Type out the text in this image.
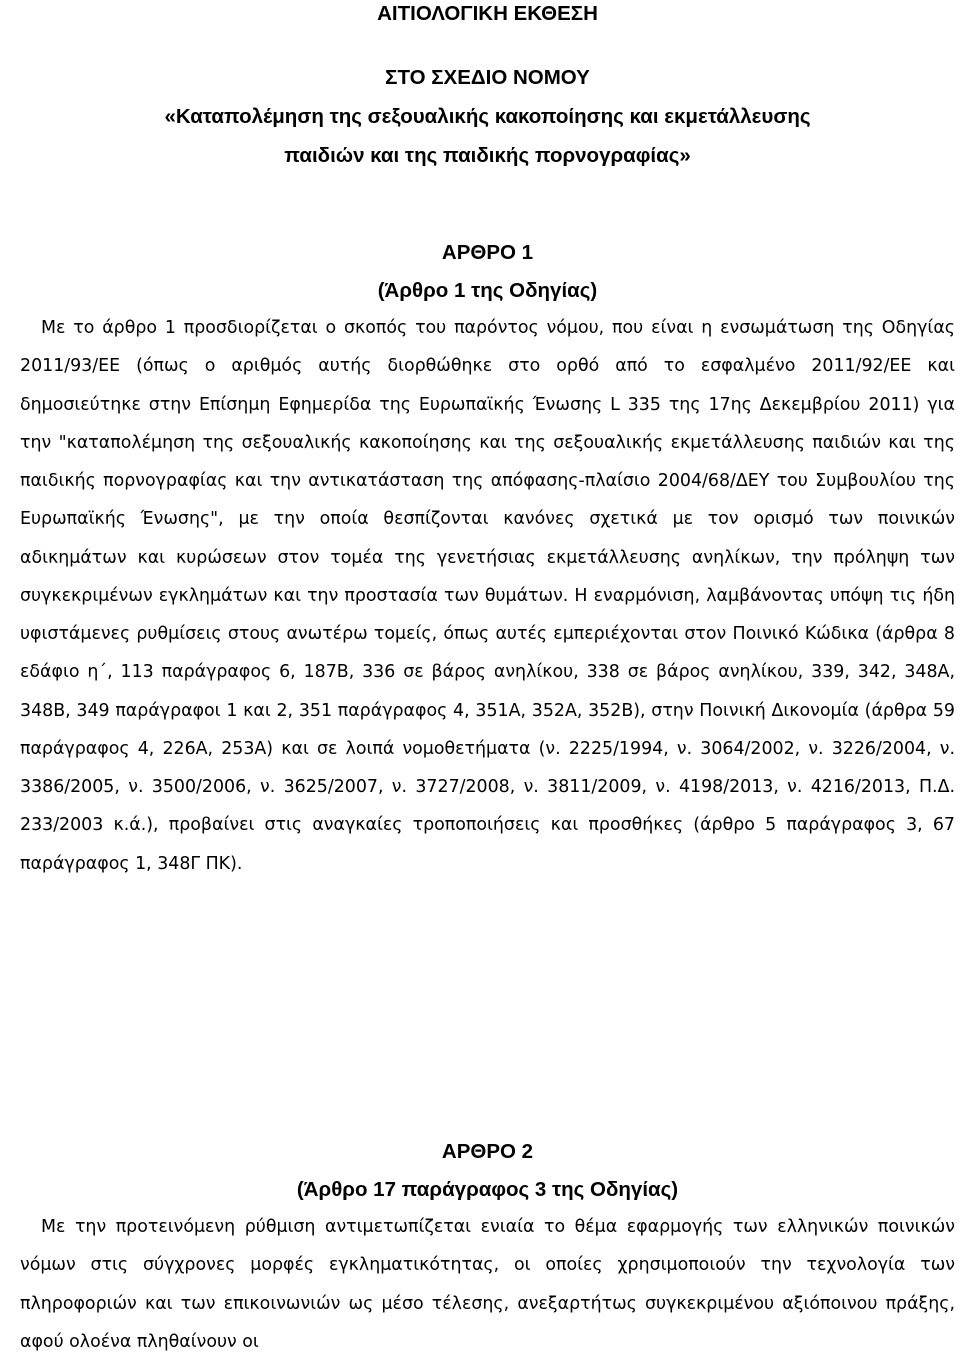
ΑΙΤΙΟΛΟΓΙΚΗ ΕΚΘΕΣΗ

ΣΤΟ ΣΧΕΔΙΟ ΝΟΜΟΥ

«Καταπολέμηση της σεξουαλικής κακοποίησης και εκμετάλλευσης

παιδιών και της παιδικής πορνογραφίας»

ΑΡΘΡΟ 1

(Άρθρο 1 της Οδηγίας)

Με το άρθρο 1 προσδιορίζεται ο σκοπός του παρόντος νόμου, που είναι η ενσωμάτωση της Οδηγίας 2011/93/ΕΕ (όπως ο αριθμός αυτής διορθώθηκε στο ορθό από το εσφαλμένο 2011/92/ΕΕ και δημοσιεύτηκε στην Επίσημη Εφημερίδα της Ευρωπαϊκής Ένωσης L 335 της 17ης Δεκεμβρίου 2011) για την "καταπολέμηση της σεξουαλικής κακοποίησης και της σεξουαλικής εκμετάλλευσης παιδιών και της παιδικής πορνογραφίας και την αντικατάσταση της απόφασης-πλαίσιο 2004/68/ΔΕΥ του Συμβουλίου της Ευρωπαϊκής Ένωσης", με την οποία θεσπίζονται κανόνες σχετικά με τον ορισμό των ποινικών αδικημάτων και κυρώσεων στον τομέα της γενετήσιας εκμετάλλευσης ανηλίκων, την πρόληψη των συγκεκριμένων εγκλημάτων και την προστασία των θυμάτων. Η εναρμόνιση, λαμβάνοντας υπόψη τις ήδη υφιστάμενες ρυθμίσεις στους ανωτέρω τομείς, όπως αυτές εμπεριέχονται στον Ποινικό Κώδικα (άρθρα 8 εδάφιο η΄, 113 παράγραφος 6, 187Β, 336 σε βάρος ανηλίκου, 338 σε βάρος ανηλίκου, 339, 342, 348Α, 348Β, 349 παράγραφοι 1 και 2, 351 παράγραφος 4, 351Α, 352Α, 352Β), στην Ποινική Δικονομία (άρθρα 59 παράγραφος 4, 226Α, 253Α) και σε λοιπά νομοθετήματα (ν. 2225/1994, ν. 3064/2002, ν. 3226/2004, ν. 3386/2005, ν. 3500/2006, ν. 3625/2007, ν. 3727/2008, ν. 3811/2009, ν. 4198/2013, ν. 4216/2013, Π.Δ. 233/2003 κ.ά.), προβαίνει στις αναγκαίες τροποποιήσεις και προσθήκες (άρθρο 5 παράγραφος 3, 67 παράγραφος 1, 348Γ ΠΚ).

ΑΡΘΡΟ 2

(Άρθρο 17 παράγραφος 3 της Οδηγίας)

Με την προτεινόμενη ρύθμιση αντιμετωπίζεται ενιαία το θέμα εφαρμογής των ελληνικών ποινικών νόμων στις σύγχρονες μορφές εγκληματικότητας, οι οποίες χρησιμοποιούν την τεχνολογία των πληροφοριών και των επικοινωνιών ως μέσο τέλεσης, ανεξαρτήτως συγκεκριμένου αξιόποινου πράξης, αφού ολοένα πληθαίνουν οι
